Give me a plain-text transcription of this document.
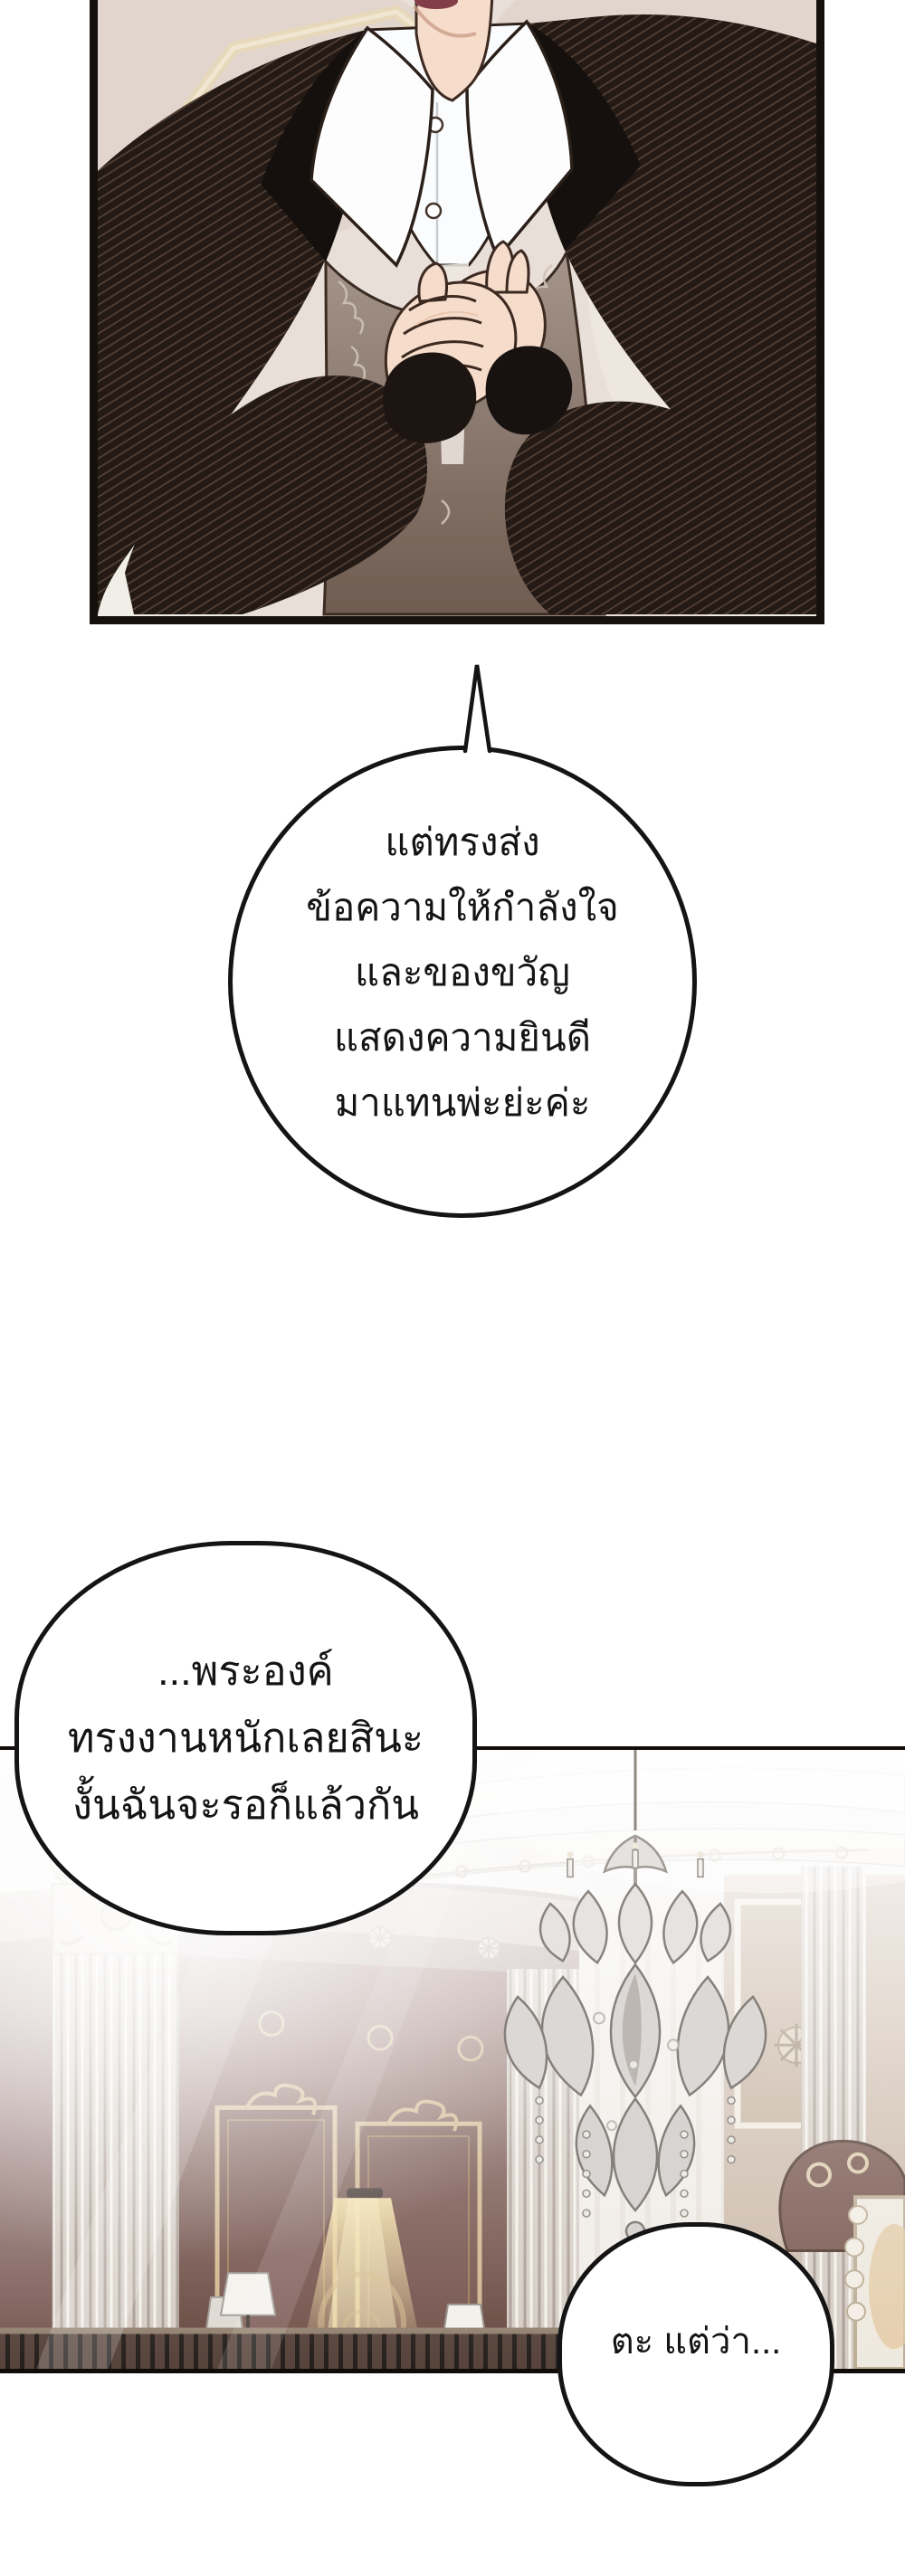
แต่ทรงส่ง
ข้อความให้กำลังใจ
และของขวัญ
แสดงความยินดี
มาแทนพ่ะย่ะค่ะ
...พระองค์
ทรงงานหนักเลยสินะ
งั้นฉันจะรอก็แล้วกัน
ตะ แต่ว่า...
